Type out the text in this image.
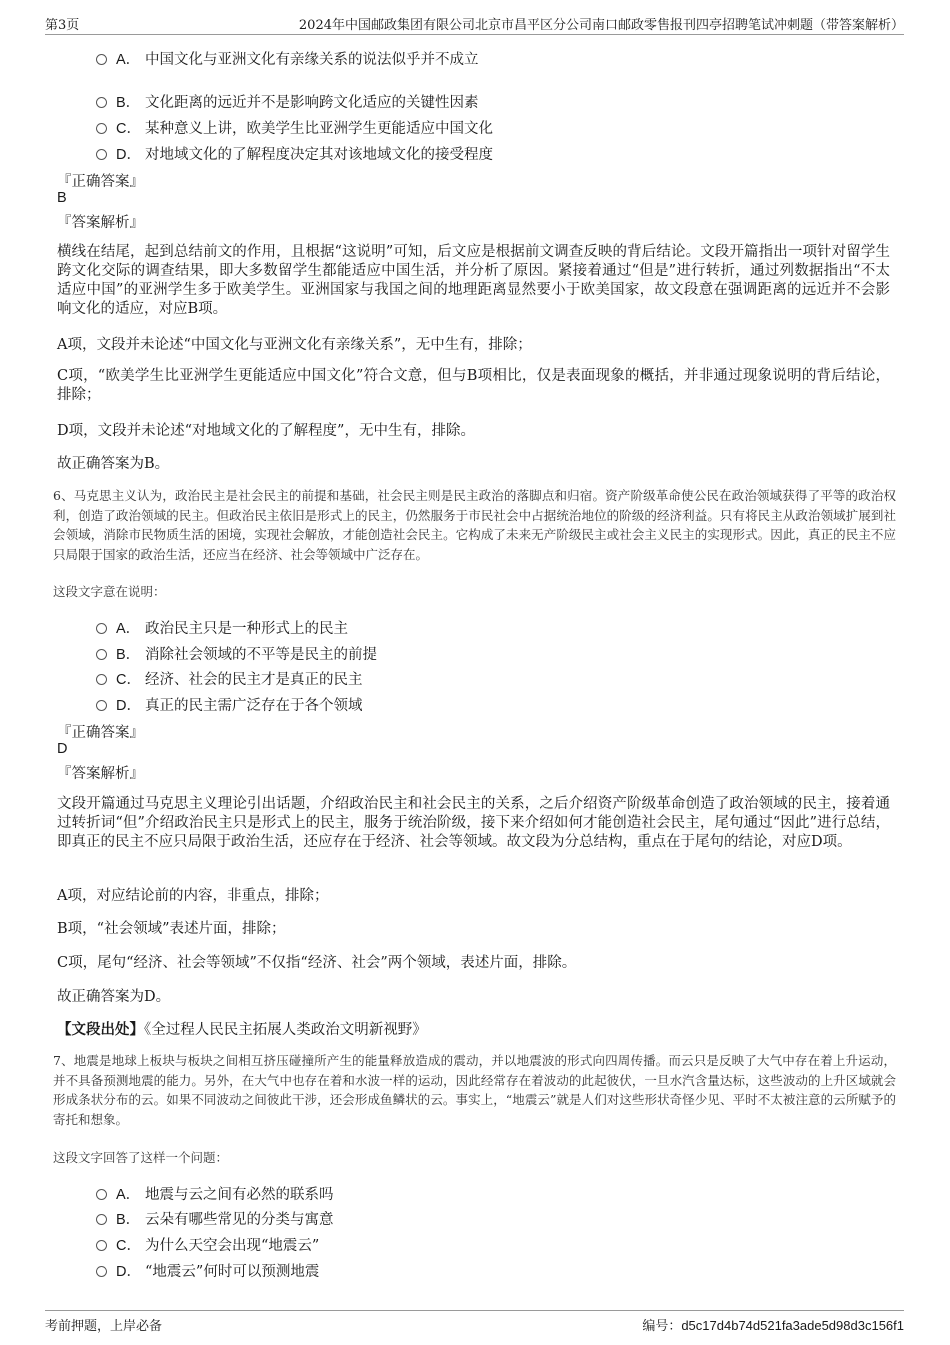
第3页	2024年中国邮政集团有限公司北京市昌平区分公司南口邮政零售报刊四亭招聘笔试冲刺题（带答案解析）
A． 中国文化与亚洲文化有亲缘关系的说法似乎并不成立
B． 文化距离的远近并不是影响跨文化适应的关键性因素
C． 某种意义上讲，欧美学生比亚洲学生更能适应中国文化
D． 对地域文化的了解程度决定其对该地域文化的接受程度
『正确答案』
B
『答案解析』
横线在结尾，起到总结前文的作用，且根据“这说明”可知，后文应是根据前文调查反映的背后结论。文段开篇指出一项针对留学生跨文化交际的调查结果，即大多数留学生都能适应中国生活，并分析了原因。紧接着通过“但是”进行转折，通过列数据指出“不太适应中国”的亚洲学生多于欧美学生。亚洲国家与我国之间的地理距离显然要小于欧美国家，故文段意在强调距离的远近并不会影响文化的适应，对应B项。
A项，文段并未论述“中国文化与亚洲文化有亲缘关系”，无中生有，排除；
C项，“欧美学生比亚洲学生更能适应中国文化”符合文意，但与B项相比，仅是表面现象的概括，并非通过现象说明的背后结论，排除；
D项，文段并未论述“对地域文化的了解程度”，无中生有，排除。
故正确答案为B。
6、马克思主义认为，政治民主是社会民主的前提和基础，社会民主则是民主政治的落脚点和归宿。资产阶级革命使公民在政治领域获得了平等的政治权利，创造了政治领域的民主。但政治民主依旧是形式上的民主，仍然服务于市民社会中占据统治地位的阶级的经济利益。只有将民主从政治领域扩展到社会领域，消除市民物质生活的困境，实现社会解放，才能创造社会民主。它构成了未来无产阶级民主或社会主义民主的实现形式。因此，真正的民主不应只局限于国家的政治生活，还应当在经济、社会等领域中广泛存在。
这段文字意在说明：
A． 政治民主只是一种形式上的民主
B． 消除社会领域的不平等是民主的前提
C． 经济、社会的民主才是真正的民主
D． 真正的民主需广泛存在于各个领域
『正确答案』
D
『答案解析』
文段开篇通过马克思主义理论引出话题，介绍政治民主和社会民主的关系，之后介绍资产阶级革命创造了政治领域的民主，接着通过转折词“但”介绍政治民主只是形式上的民主，服务于统治阶级，接下来介绍如何才能创造社会民主，尾句通过“因此”进行总结，即真正的民主不应只局限于政治生活，还应存在于经济、社会等领域。故文段为分总结构，重点在于尾句的结论，对应D项。
A项，对应结论前的内容，非重点，排除；
B项，“社会领域”表述片面，排除；
C项，尾句“经济、社会等领域”不仅指“经济、社会”两个领域，表述片面，排除。
故正确答案为D。
【文段出处】《全过程人民民主拓展人类政治文明新视野》
7、地震是地球上板块与板块之间相互挤压碰撞所产生的能量释放造成的震动，并以地震波的形式向四周传播。而云只是反映了大气中存在着上升运动，并不具备预测地震的能力。另外，在大气中也存在着和水波一样的运动，因此经常存在着波动的此起彼伏，一旦水汽含量达标，这些波动的上升区域就会形成条状分布的云。如果不同波动之间彼此干涉，还会形成鱼鳞状的云。事实上，“地震云”就是人们对这些形状奇怪少见、平时不太被注意的云所赋予的寄托和想象。
这段文字回答了这样一个问题：
A． 地震与云之间有必然的联系吗
B． 云朵有哪些常见的分类与寓意
C． 为什么天空会出现“地震云”
D． “地震云”何时可以预测地震
考前押题，上岸必备	编号：d5c17d4b74d521fa3ade5d98d3c156f1
